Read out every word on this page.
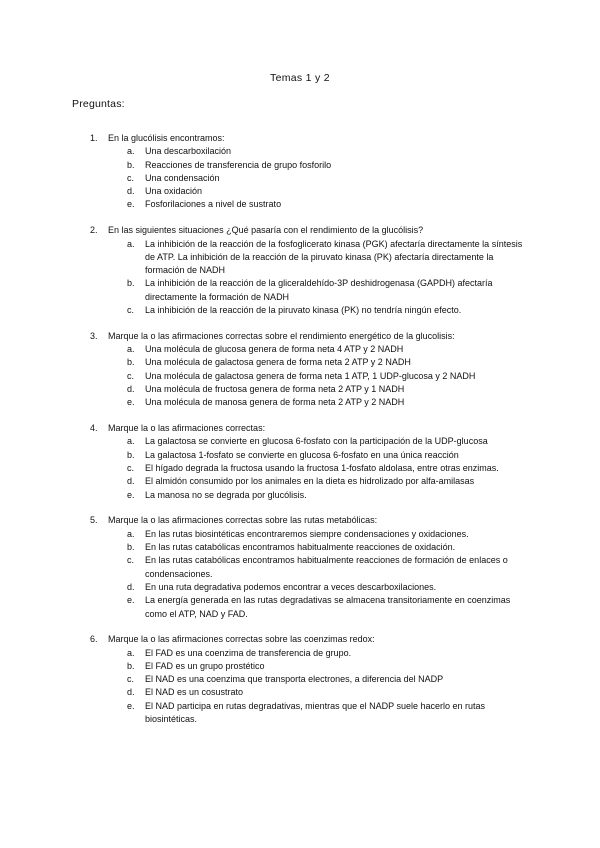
Temas 1 y 2
Preguntas:
1. En la glucólisis encontramos:
a. Una descarboxilación
b. Reacciones de transferencia de grupo fosforilo
c. Una condensación
d. Una oxidación
e. Fosforilaciones a nivel de sustrato
2. En las siguientes situaciones ¿Qué pasaría con el rendimiento de la glucólisis?
a. La inhibición de la reacción de la fosfoglicerato kinasa (PGK) afectaría directamente la síntesis de ATP. La inhibición de la reacción de la piruvato kinasa (PK) afectaría directamente la formación de NADH
b. La inhibición de la reacción de la gliceraldehído-3P deshidrogenasa (GAPDH) afectaría directamente la formación de NADH
c. La inhibición de la reacción de la piruvato kinasa (PK) no tendría ningún efecto.
3. Marque la o las afirmaciones correctas sobre el rendimiento energético de la glucolisis:
a. Una molécula de glucosa genera de forma neta 4 ATP y 2 NADH
b. Una molécula de galactosa genera de forma neta 2 ATP y 2 NADH
c. Una molécula de galactosa genera de forma neta 1 ATP, 1 UDP-glucosa y 2 NADH
d. Una molécula de fructosa genera de forma neta 2 ATP y 1 NADH
e. Una molécula de manosa genera de forma neta 2 ATP y 2 NADH
4. Marque la o las afirmaciones correctas:
a. La galactosa se convierte en glucosa 6-fosfato con la participación de la UDP-glucosa
b. La galactosa 1-fosfato se convierte en glucosa 6-fosfato en una única reacción
c. El hígado degrada la fructosa usando la fructosa 1-fosfato aldolasa, entre otras enzimas.
d. El almidón consumido por los animales en la dieta es hidrolizado por alfa-amilasas
e. La manosa no se degrada por glucólisis.
5. Marque la o las afirmaciones correctas sobre las rutas metabólicas:
a. En las rutas biosintéticas encontraremos siempre condensaciones y oxidaciones.
b. En las rutas catabólicas encontramos habitualmente reacciones de oxidación.
c. En las rutas catabólicas encontramos habitualmente reacciones de formación de enlaces o condensaciones.
d. En una ruta degradativa podemos encontrar a veces descarboxilaciones.
e. La energía generada en las rutas degradativas se almacena transitoriamente en coenzimas como el ATP, NAD y FAD.
6. Marque la o las afirmaciones correctas sobre las coenzimas redox:
a. El FAD es una coenzima de transferencia de grupo.
b. El FAD es un grupo prostético
c. El NAD es una coenzima que transporta electrones, a diferencia del NADP
d. El NAD es un cosustrato
e. El NAD participa en rutas degradativas, mientras que el NADP suele hacerlo en rutas biosintéticas.
